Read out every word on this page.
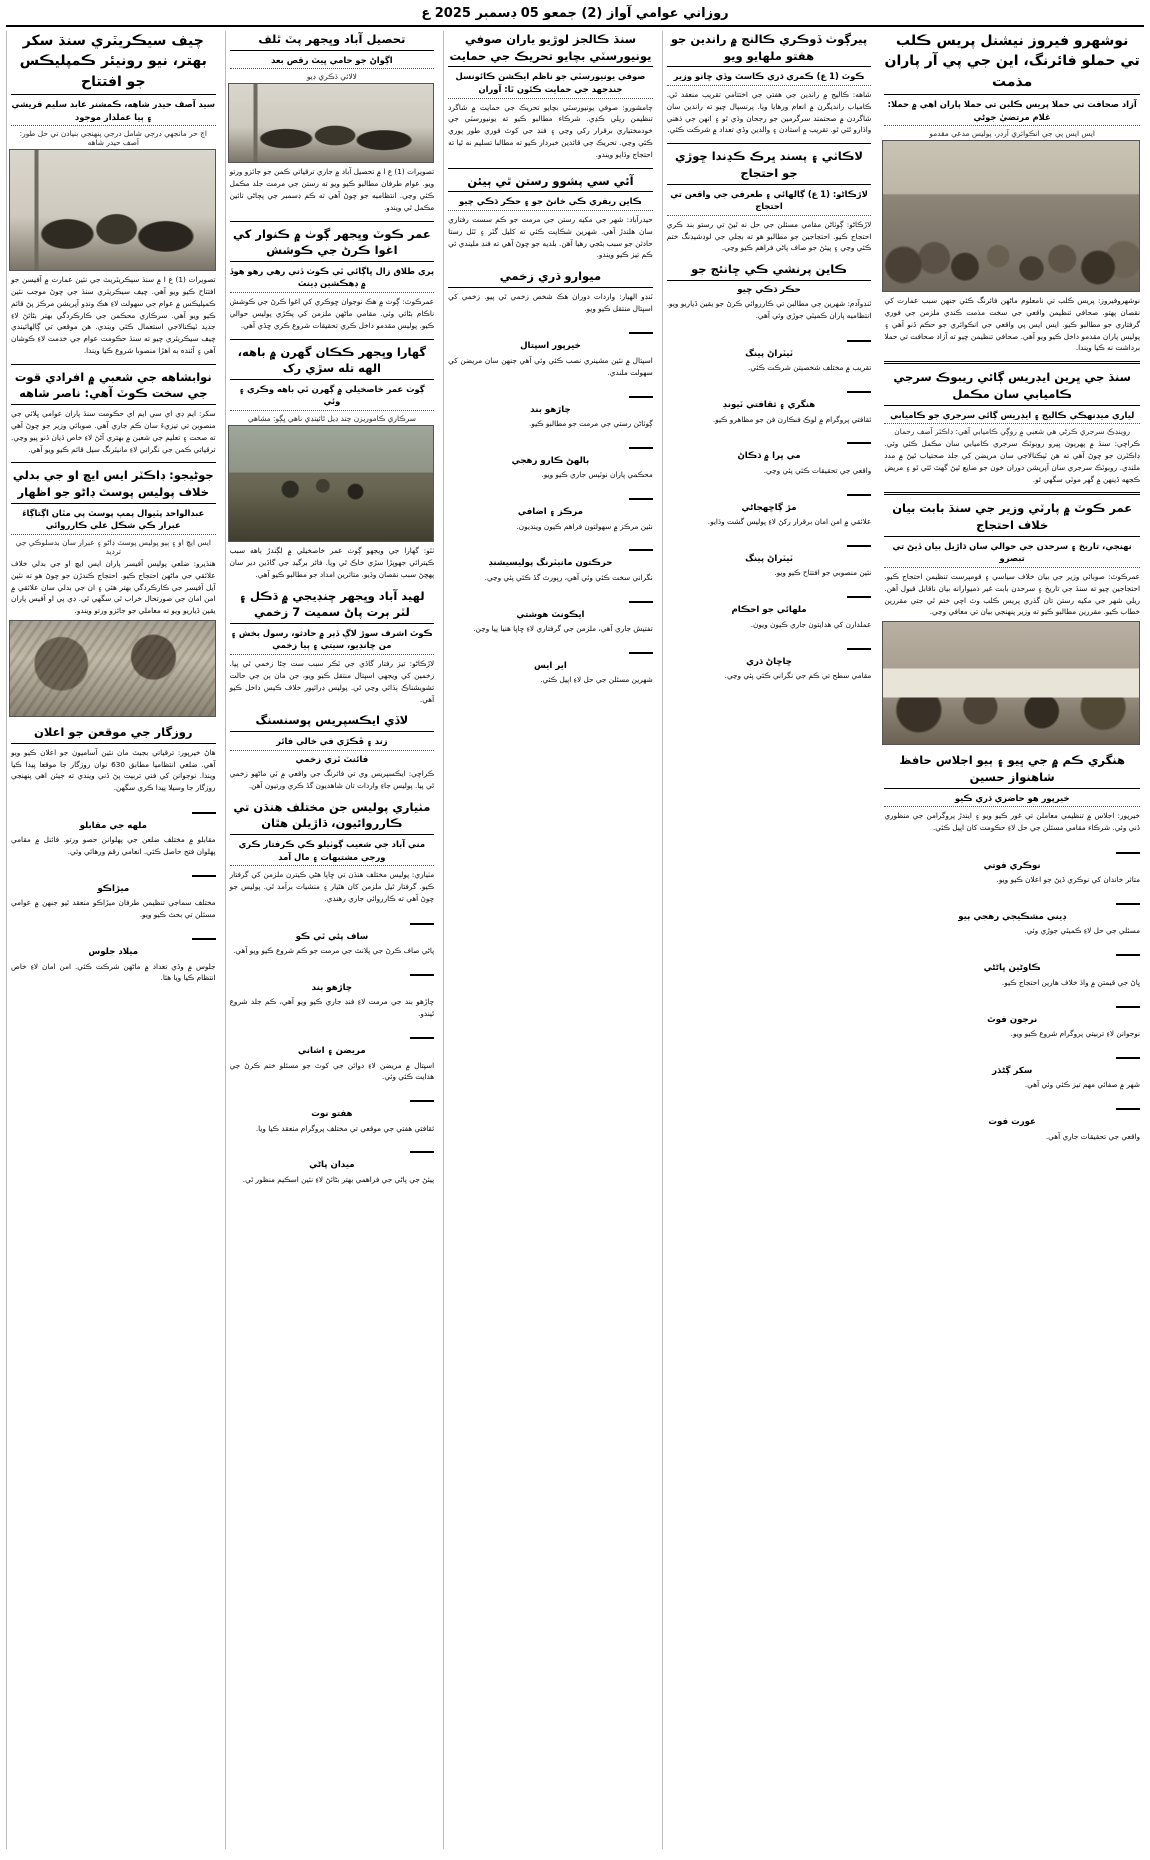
روزاني عوامي آواز (2) جمعو 05 ڊسمبر 2025 ع
چيف سيڪريٽري سنڌ سکر بهتر، نيو رونيئر ڪمپليڪس جو افتتاح
سيد آصف حيدر شاهه، ڪمشنر عابد سليم قريشي ۽ ٻيا عملدار موجود
اڄ حر مانجهي درجي شامل درجي پنهنجي بنيادن تي حل طور: آصف حيدر شاهه

تصويرات (1) ع ا ۾ سنڌ سيڪريٽريٽ جي نئين عمارت ۾ آفيسن جو افتتاح ڪيو ويو آهي. چيف سيڪريٽري سنڌ جي چوڻ موجب نئين ڪمپليڪس ۾ عوام جي سهولت لاءِ هڪ ونڊو آپريشن مرڪز پڻ قائم ڪيو ويو آهي. سرڪاري محڪمن جي ڪارڪردگي بهتر بڻائڻ لاءِ جديد ٽيڪنالاجي استعمال ڪئي ويندي. هن موقعي تي ڳالهائيندي چيف سيڪريٽري چيو ته سنڌ حڪومت عوام جي خدمت لاءِ ڪوشان آهي ۽ آئنده به اهڙا منصوبا شروع ڪيا ويندا.

نوابشاهه جي شعبي ۾ افرادي قوت جي سخت ڪوٽ آهي: ناصر شاهه

سکر: ايم ڊي اي سي ايم اي حڪومت سنڌ پاران عوامي ڀلائي جي منصوبن تي تيزيءَ سان ڪم جاري آهي. صوبائي وزير جو چوڻ آهي ته صحت ۽ تعليم جي شعبن ۾ بهتري آڻڻ لاءِ خاص ڌيان ڏنو پيو وڃي. ترقياتي ڪمن جي نگراني لاءِ مانيٽرنگ سيل قائم ڪيو ويو آهي.

جوڻيجو: ڊاڪٽر ايس ايڇ او جي بدلي خلاف پوليس پوسٽ ڊاڻو جو اظهار
عبدالواحد پٽيوال پمپ پوسٽ پي مٿان اڳتاڳاءَ عبرار ڪي شڪل علي ڪارروائي
ايس ايڇ او ۽ ٻيو پوليس پوسٽ ڊاڻو ۽ عبرار سان بدسلوڪي جي ترديد

هنڌيرو: ضلعي پوليس آفيسر پاران ايس ايڇ او جي بدلي خلاف علائقي جي ماڻهن احتجاج ڪيو. احتجاج ڪندڙن جو چوڻ هو ته نئين آيل آفيسر جي ڪارڪردگي بهتر هئي ۽ ان جي بدلي سان علائقي ۾ امن امان جي صورتحال خراب ٿي سگهي ٿي. ڊي پي او آفيس پاران يقين ڏياريو ويو ته معاملي جو جائزو ورتو ويندو.

روزگار جي موقعن جو اعلان

هاڻ خيرپور: ترقياتي بجيٽ مان نئين آساميون جو اعلان ڪيو ويو آهي. ضلعي انتظاميا مطابق 630 نوان روزگار جا موقعا پيدا ڪيا ويندا. نوجوانن کي فني تربيت پڻ ڏني ويندي ته جيئن اهي پنهنجي روزگار جا وسيلا پيدا ڪري سگهن.

ملهه جي مقابلو
مقابلو ۾ مختلف ضلعن جي پهلوانن حصو ورتو. فائنل ۾ مقامي پهلوان فتح حاصل ڪئي. انعامي رقم ورهائي وئي.
ميڙاڪو
مختلف سماجي تنظيمن طرفان ميڙاڪو منعقد ٿيو جنهن ۾ عوامي مسئلن تي بحث ڪيو ويو.
ميلاد جلوس
جلوس ۾ وڏي تعداد ۾ ماڻهن شرڪت ڪئي. امن امان لاءِ خاص انتظام ڪيا ويا هئا.
تحصيل آباد وڀجهر پٽ ٿلف
اڳواڻ جو حامي ڀيٽ رقص بعد
لالائي ڌڪري ڊيو

تصويرات (1) ع ا ۾ تحصيل آباد ۾ جاري ترقياتي ڪمن جو جائزو ورتو ويو. عوام طرفان مطالبو ڪيو ويو ته رستن جي مرمت جلد مڪمل ڪئي وڃي. انتظاميه جو چوڻ آهي ته ڪم ڊسمبر جي پڄاڻي تائين مڪمل ٿي ويندو.

عمر ڪوٽ وڀجهر ڳوٺ ۾ ڪنوار کي اغوا ڪرڻ جي ڪوشش
پري طلاق زال ڀاڳائي ٿي ڪوٺ ڏني رهي رهو هوڏ ۾ ڊهڪشين ڊينٽ

عمرڪوٽ: ڳوٺ ۾ هڪ نوجوان ڇوڪري کي اغوا ڪرڻ جي ڪوشش ناڪام بڻائي وئي. مقامي ماڻهن ملزمن کي پڪڙي پوليس حوالي ڪيو. پوليس مقدمو داخل ڪري تحقيقات شروع ڪري ڇڏي آهي.

گهارا وڀجهر ڪڪان گهرن ۾ باهه، الهه تله سڙي رک
ڳوٺ عمر خاصخيلي ۾ ڳهرن ٿي باهه وڪري ۽ وئي
سرڪاري ڪاموريزن چند ڊيل ٿائينڊي ناهي ڀڳو: مشاهي

ٺٽو: گهارا جي ويجهو ڳوٺ عمر خاصخيلي ۾ لڳندڙ باهه سبب ڪيترائي جهوپڙا سڙي خاڪ ٿي ويا. فائر برگيڊ جي گاڏين دير سان پهچڻ سبب نقصان وڌيو. متاثرين امداد جو مطالبو ڪيو آهي.

لهيد آباد وڀجهر چنڊيجي ۾ ڌڪل ۽ لٽر ٻرت پاڻ سميت 7 زخمي
ڪوٽ اشرف سوڙ لاڳ ڏٻر ۾ حادثو، رسول بخش ۽ من چانڊيو، سيتي ۽ ٻيا زخمي

لاڙڪاڻو: تيز رفتار گاڏي جي ٽڪر سبب ست ڄڻا زخمي ٿي پيا. زخمين کي ويجهي اسپتال منتقل ڪيو ويو، جن مان ٻن جي حالت تشويشناڪ ٻڌائي وڃي ٿي. پوليس ڊرائيور خلاف ڪيس داخل ڪيو آهي.

لاڏي ايڪسپريس پوسنسنگ
زند ۽ ڦڪڙي في خالي فائر
فائنٽ ٿري زخمي

ڪراچي: ايڪسپريس وي تي فائرنگ جي واقعي ۾ ٽي ماڻهو زخمي ٿي پيا. پوليس جاءِ واردات تان شاهديون گڏ ڪري ورتيون آهن.

مٺياري پوليس جن مختلف هنڌن تي ڪارروائيون، ڌاڙيلن هٿان
مني آباد جي شعيب ڳوٺيلو ڪي ڪرفتار ڪري ورجي مشتبهات ۽ مال آمد

مٺياري: پوليس مختلف هنڌن تي ڇاپا هڻي ڪيترن ملزمن کي گرفتار ڪيو. گرفتار ٿيل ملزمن کان هٿيار ۽ منشيات برآمد ٿي. پوليس جو چوڻ آهي ته ڪارروائي جاري رهندي.

ساف پئي ٿي ڪو
پاڻي صاف ڪرڻ جي پلانٽ جي مرمت جو ڪم شروع ڪيو ويو آهي.
چاڙهو بند
چاڙهو بند جي مرمت لاءِ فنڊ جاري ڪيو ويو آهي، ڪم جلد شروع ٿيندو.
مريضن ۽ اشاني
اسپتال ۾ مريضن لاءِ دوائن جي کوٽ جو مسئلو ختم ڪرڻ جي هدايت ڪئي وئي.
هفتو نوت
ثقافتي هفتي جي موقعي تي مختلف پروگرام منعقد ڪيا ويا.
ميدان پاڻي
پيئڻ جي پاڻي جي فراهمي بهتر بڻائڻ لاءِ نئين اسڪيم منظور ٿي.
سنڌ ڪالجز لوڙيو ياران صوفي يونيورسٽي بچايو تحريڪ جي حمايت
صوفي يونيورسٽي جو ناظم ايڪشن ڪائونسل جندجهد جي حمايت ڪئون ٿا: آوران

ڄامشورو: صوفي يونيورسٽي بچايو تحريڪ جي حمايت ۾ شاگرد تنظيمن ريلي ڪڍي. شرڪاء مطالبو ڪيو ته يونيورسٽي جي خودمختياري برقرار رکي وڃي ۽ فنڊ جي کوٽ فوري طور پوري ڪئي وڃي. تحريڪ جي قائدين خبردار ڪيو ته مطالبا تسليم نه ٿيا ته احتجاج وڌايو ويندو.

آئي سي پشوو رستن ٿي ٻيئن
ڪاين ريفري ڪي خانڻ جو ۽ حڪر ڌڪي چيو

حيدرآباد: شهر جي مکيه رستن جي مرمت جو ڪم سست رفتاري سان هلندڙ آهي. شهرين شڪايت ڪئي ته کليل گٽر ۽ ٽٽل رستا حادثن جو سبب بڻجي رهيا آهن. بلديه جو چوڻ آهي ته فنڊ مليندي ئي ڪم تيز ڪيو ويندو.

ميوارو ڌري زخمي

ٽنڊو الهيار: واردات دوران هڪ شخص زخمي ٿي پيو. زخمي کي اسپتال منتقل ڪيو ويو.

خيرپور اسپتال
اسپتال ۾ نئين مشينري نصب ڪئي وئي آهي جنهن سان مريضن کي سهولت ملندي.
چاڙهو بند
ڳوٺاڻن رستي جي مرمت جو مطالبو ڪيو.
ٻالهڻ ڪارو رهجي
محڪمي پاران نوٽيس جاري ڪيو ويو.
مرڪز ۽ اضافي
نئين مرڪز ۾ سهولتون فراهم ڪيون وينديون.
حرڪتون مانيٽرنگ پوليسيشنڊ
نگراني سخت ڪئي وئي آهي، رپورٽ گڏ ڪئي پئي وڃي.
ايڪونٽ هوشتي
تفتيش جاري آهي، ملزمن جي گرفتاري لاءِ ڇاپا هنيا پيا وڃن.
اير ايس
شهرين مسئلن جي حل لاءِ اپيل ڪئي.
پيرڳوٺ ڏوڪري ڪالنج ۾ راندين جو هفتو ملهايو ويو
ڪوٽ (1 ع) ڪمري ڌري ڪاسٽ وڏي ڇانو وزير

شاهه: ڪاليج ۾ راندين جي هفتي جي اختتامي تقريب منعقد ٿي. ڪامياب رانديگرن ۾ انعام ورهايا ويا. پرنسپال چيو ته راندين سان شاگردن ۾ صحتمند سرگرمين جو رجحان وڌي ٿو ۽ انهن جي ذهني واڌارو ٿئي ٿو. تقريب ۾ استادن ۽ والدين وڏي تعداد ۾ شرڪت ڪئي.

لاڪاٺي ۽ پسند ڀرڪ ڪڍندا ڇوڙي جو احتجاج
لاڙڪاڻو: (1 ع) ڳالهائي ۽ طعرفي جي واقعن تي احتجاج

لاڙڪاڻو: ڳوٺاڻن مقامي مسئلن جي حل نه ٿيڻ تي رستو بند ڪري احتجاج ڪيو. احتجاجين جو مطالبو هو ته بجلي جي لوڊشيڊنگ ختم ڪئي وڃي ۽ پيئڻ جو صاف پاڻي فراهم ڪيو وڃي.

ڪاين پرنشي ڪي ڇانئج جو
حڪر ڌڪي ڇيو

ٽنڊوآدم: شهرين جي مطالبن تي ڪارروائي ڪرڻ جو يقين ڏياريو ويو. انتظاميه پاران ڪميٽي جوڙي وئي آهي.

ٽيٽراڻ پينگ
تقريب ۾ مختلف شخصيتن شرڪت ڪئي.
هنگري ۽ ثقافتي ٽيونڊ
ثقافتي پروگرام ۾ لوڪ فنڪارن فن جو مظاهرو ڪيو.
مي ڀرا ۾ ڌڪاڻ
واقعي جي تحقيقات ڪئي پئي وڃي.
مڙ ڳاڇهجاڻي
علائقي ۾ امن امان برقرار رکڻ لاءِ پوليس گشت وڌايو.
ٽيٽراڻ پينگ
نئين منصوبي جو افتتاح ڪيو ويو.
ملهائي جو احڪام
عملدارن کي هدايتون جاري ڪيون ويون.
ڇاڇاڻ ڌري
مقامي سطح تي ڪم جي نگراني ڪئي پئي وڃي.
نوشهرو فيروز نيشنل پريس ڪلب تي حملو فائرنگ، اين جي پي آر پاران مذمت
آزاد صحافت تي حملا پريس ڪلبن تي حملا پاران اهي ۾ حملا: غلام مرتضيٰ جوڻي
ايس ايس پي جي انڪوائري آرڊر، پوليس مدعي مقدمو

نوشهروفيروز: پريس ڪلب تي نامعلوم ماڻهن فائرنگ ڪئي جنهن سبب عمارت کي نقصان پهتو. صحافي تنظيمن واقعي جي سخت مذمت ڪندي ملزمن جي فوري گرفتاري جو مطالبو ڪيو. ايس ايس پي واقعي جي انڪوائري جو حڪم ڏنو آهي ۽ پوليس پاران مقدمو داخل ڪيو ويو آهي. صحافي تنظيمن چيو ته آزاد صحافت تي حملا برداشت نه ڪيا ويندا.

سنڌ جي ڀرين ايڊريس ڳائي ريبوڪ سرجي ڪاميابي سان مڪمل
لياري ميدنهڪي ڪاليج ۽ ايڊريس ڳائي سرجري جو ڪاميابي
روينڊڪ سرجري ڪرڻي هي شعبي ۾ روڳي ڪاميابي آهي: ڊاڪٽر آصف رحمان

ڪراچي: سنڌ ۾ پهريون ڀيرو روبوٽڪ سرجري ڪاميابي سان مڪمل ڪئي وئي. ڊاڪٽرن جو چوڻ آهي ته هن ٽيڪنالاجي سان مريضن کي جلد صحتياب ٿيڻ ۾ مدد ملندي. روبوٽڪ سرجري سان آپريشن دوران خون جو ضايع ٿيڻ گهٽ ٿئي ٿو ۽ مريض ڪجهه ڏينهن ۾ گهر موٽي سگهي ٿو.

عمر ڪوٽ ۾ پارٽي وزير جي سنڌ بابت بيان خلاف احتجاج
نهنجي، تاريخ ۽ سرحدن جي حوالي سان ڌاڙيل بيان ڏيڻ تي تبصرو

عمرڪوٽ: صوبائي وزير جي بيان خلاف سياسي ۽ قومپرست تنظيمن احتجاج ڪيو. احتجاجين چيو ته سنڌ جي تاريخ ۽ سرحدن بابت غير ذميوارانه بيان ناقابل قبول آهن. ريلي شهر جي مکيه رستن تان گذري پريس ڪلب وٽ اچي ختم ٿي جتي مقررين خطاب ڪيو. مقررين مطالبو ڪيو ته وزير پنهنجي بيان تي معافي وڃي.

هنگري ڪم ۾ جي ڀيو ۽ ٻيو اجلاس حافظ شاهنواز حسين
خيرپور هو حاضري ڌري ڪيو

خيرپور: اجلاس ۾ تنظيمي معاملن تي غور ڪيو ويو ۽ ايندڙ پروگرامن جي منظوري ڏني وئي. شرڪاء مقامي مسئلن جي حل لاءِ حڪومت کان اپيل ڪئي.

نوڪري فوتي
متاثر خاندان کي نوڪري ڏيڻ جو اعلان ڪيو ويو.
ڊيني مشڪيجي رهجي ٻيو
مسئلي جي حل لاءِ ڪميٽي جوڙي وئي.
ڪاوڻين ڀاڻڻي
ڀاڻ جي قيمتن ۾ واڌ خلاف هارين احتجاج ڪيو.
نرجون فوٿ
نوجوانن لاءِ تربيتي پروگرام شروع ڪيو ويو.
سکر ڳڻڌر
شهر ۾ صفائي مهم تيز ڪئي وئي آهي.
عورت فوت
واقعي جي تحقيقات جاري آهي.
